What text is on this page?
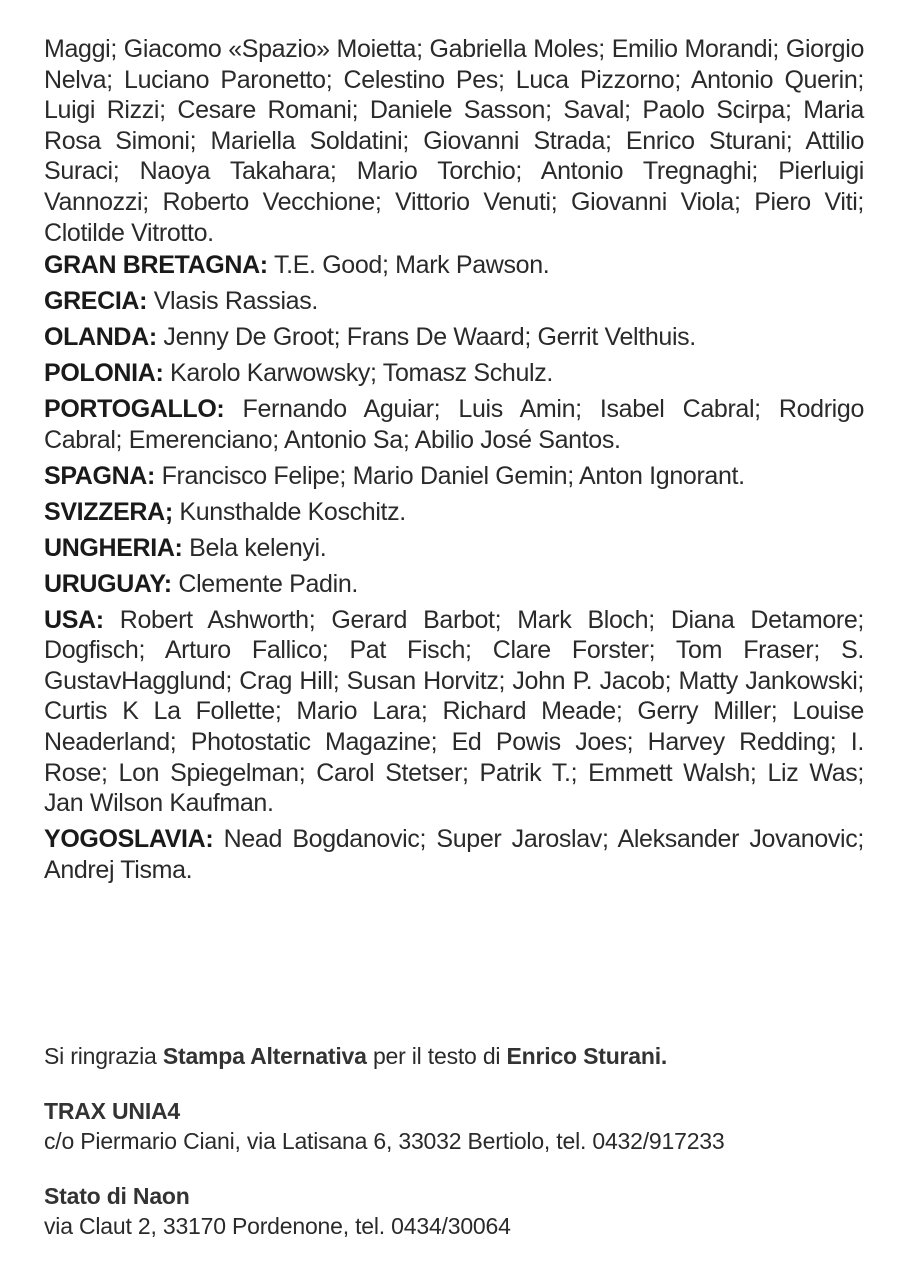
Maggi; Giacomo «Spazio» Moietta; Gabriella Moles; Emilio Morandi; Giorgio Nelva; Luciano Paronetto; Celestino Pes; Luca Pizzorno; Antonio Querin; Luigi Rizzi; Cesare Romani; Daniele Sasson; Saval; Paolo Scirpa; Maria Rosa Simoni; Mariella Soldatini; Giovanni Strada; Enrico Sturani; Attilio Suraci; Naoya Takahara; Mario Torchio; Antonio Tregnaghi; Pierluigi Vannozzi; Roberto Vecchione; Vittorio Venuti; Giovanni Viola; Piero Viti; Clotilde Vitrotto.

GRAN BRETAGNA: T.E. Good; Mark Pawson.

GRECIA: Vlasis Rassias.

OLANDA: Jenny De Groot; Frans De Waard; Gerrit Velthuis.

POLONIA: Karolo Karwowsky; Tomasz Schulz.

PORTOGALLO: Fernando Aguiar; Luis Amin; Isabel Cabral; Rodrigo Cabral; Emerenciano; Antonio Sa; Abilio José Santos.

SPAGNA: Francisco Felipe; Mario Daniel Gemin; Anton Ignorant.

SVIZZERA; Kunsthalde Koschitz.

UNGHERIA: Bela kelenyi.

URUGUAY: Clemente Padin.

USA: Robert Ashworth; Gerard Barbot; Mark Bloch; Diana Detamore; Dogfisch; Arturo Fallico; Pat Fisch; Clare Forster; Tom Fraser; S. GustavHagglund; Crag Hill; Susan Horvitz; John P. Jacob; Matty Jankowski; Curtis K La Follette; Mario Lara; Richard Meade; Gerry Miller; Louise Neaderland; Photostatic Magazine; Ed Powis Joes; Harvey Redding; I. Rose; Lon Spiegelman; Carol Stetser; Patrik T.; Emmett Walsh; Liz Was; Jan Wilson Kaufman.

YOGOSLAVIA: Nead Bogdanovic; Super Jaroslav; Aleksander Jovanovic; Andrej Tisma.

Si ringrazia Stampa Alternativa per il testo di Enrico Sturani.

TRAX UNIA4

c/o Piermario Ciani, via Latisana 6, 33032 Bertiolo, tel. 0432/917233

Stato di Naon

via Claut 2, 33170 Pordenone, tel. 0434/30064
